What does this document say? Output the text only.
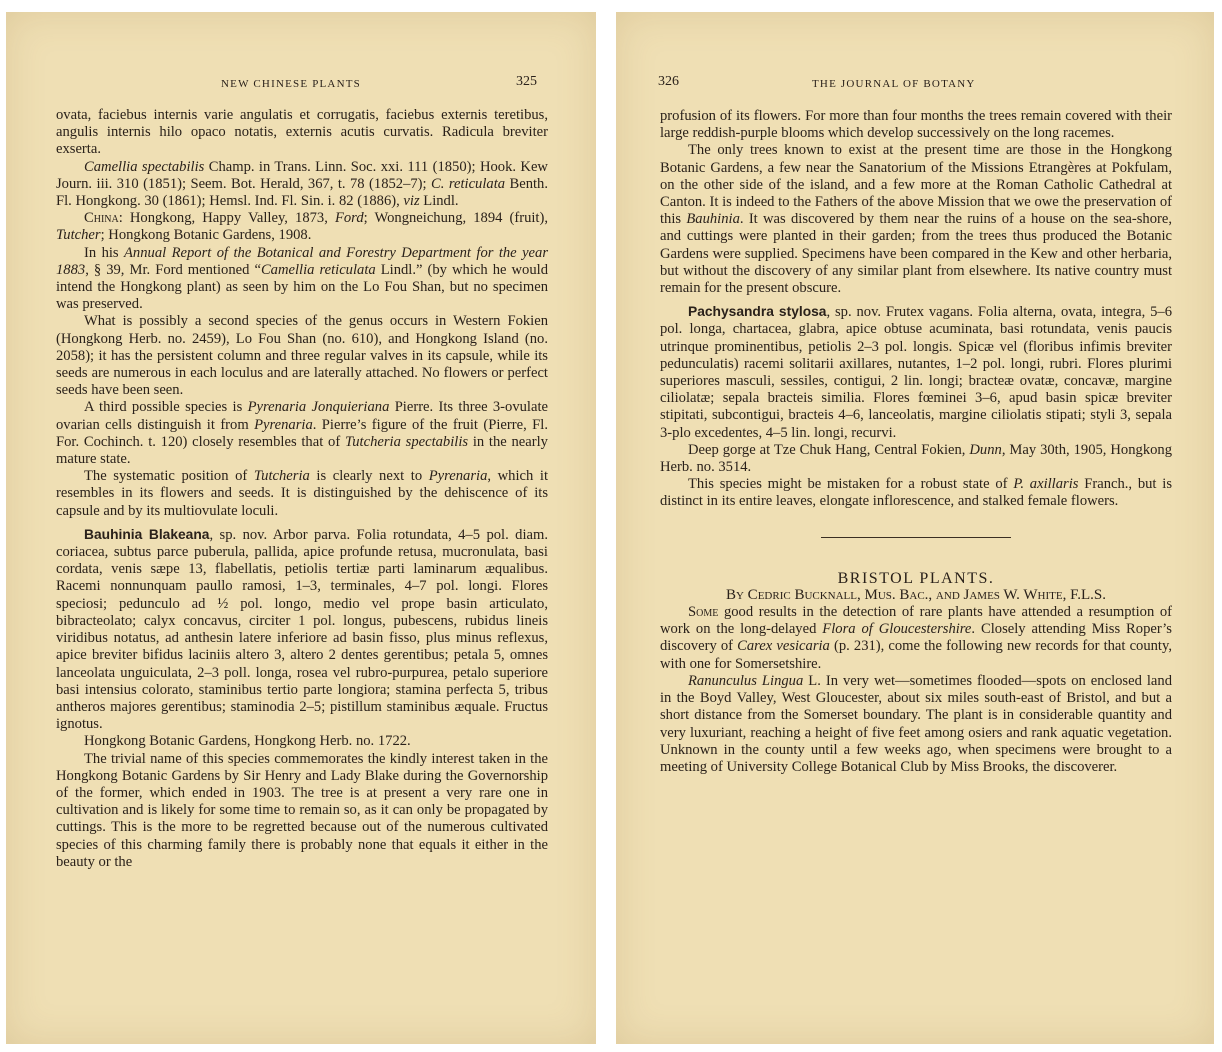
NEW CHINESE PLANTS	325

ovata, faciebus internis varie angulatis et corrugatis, faciebus externis teretibus, angulis internis hilo opaco notatis, externis acutis curvatis. Radicula breviter exserta.

Camellia spectabilis Champ. in Trans. Linn. Soc. xxi. 111 (1850); Hook. Kew Journ. iii. 310 (1851); Seem. Bot. Herald, 367, t. 78 (1852–7); C. reticulata Benth. Fl. Hongkong. 30 (1861); Hemsl. Ind. Fl. Sin. i. 82 (1886), viz Lindl.

China: Hongkong, Happy Valley, 1873, Ford; Wongneichung, 1894 (fruit), Tutcher; Hongkong Botanic Gardens, 1908.

In his Annual Report of the Botanical and Forestry Department for the year 1883, § 39, Mr. Ford mentioned “Camellia reticulata Lindl.” (by which he would intend the Hongkong plant) as seen by him on the Lo Fou Shan, but no specimen was preserved.

What is possibly a second species of the genus occurs in Western Fokien (Hongkong Herb. no. 2459), Lo Fou Shan (no. 610), and Hongkong Island (no. 2058); it has the persistent column and three regular valves in its capsule, while its seeds are numerous in each loculus and are laterally attached. No flowers or perfect seeds have been seen.

A third possible species is Pyrenaria Jonquieriana Pierre. Its three 3-ovulate ovarian cells distinguish it from Pyrenaria. Pierre’s figure of the fruit (Pierre, Fl. For. Cochinch. t. 120) closely resembles that of Tutcheria spectabilis in the nearly mature state.

The systematic position of Tutcheria is clearly next to Pyrenaria, which it resembles in its flowers and seeds. It is distinguished by the dehiscence of its capsule and by its multiovulate loculi.

Bauhinia Blakeana, sp. nov. Arbor parva. Folia rotundata, 4–5 pol. diam. coriacea, subtus parce puberula, pallida, apice profunde retusa, mucronulata, basi cordata, venis sæpe 13, flabellatis, petiolis tertiæ parti laminarum æqualibus. Racemi nonnunquam paullo ramosi, 1–3, terminales, 4–7 pol. longi. Flores speciosi; pedunculo ad ½ pol. longo, medio vel prope basin articulato, bibracteolato; calyx concavus, circiter 1 pol. longus, pubescens, rubidus lineis viridibus notatus, ad anthesin latere inferiore ad basin fisso, plus minus reflexus, apice breviter bifidus laciniis altero 3, altero 2 dentes gerentibus; petala 5, omnes lanceolata unguiculata, 2–3 poll. longa, rosea vel rubro-purpurea, petalo superiore basi intensius colorato, staminibus tertio parte longiora; stamina perfecta 5, tribus antheros majores gerentibus; staminodia 2–5; pistillum staminibus æquale. Fructus ignotus.

Hongkong Botanic Gardens, Hongkong Herb. no. 1722.

The trivial name of this species commemorates the kindly interest taken in the Hongkong Botanic Gardens by Sir Henry and Lady Blake during the Governorship of the former, which ended in 1903. The tree is at present a very rare one in cultivation and is likely for some time to remain so, as it can only be propagated by cuttings. This is the more to be regretted because out of the numerous cultivated species of this charming family there is probably none that equals it either in the beauty or the

326	THE JOURNAL OF BOTANY

profusion of its flowers. For more than four months the trees remain covered with their large reddish-purple blooms which develop successively on the long racemes.

The only trees known to exist at the present time are those in the Hongkong Botanic Gardens, a few near the Sanatorium of the Missions Etrangères at Pokfulam, on the other side of the island, and a few more at the Roman Catholic Cathedral at Canton. It is indeed to the Fathers of the above Mission that we owe the preservation of this Bauhinia. It was discovered by them near the ruins of a house on the sea-shore, and cuttings were planted in their garden; from the trees thus produced the Botanic Gardens were supplied. Specimens have been compared in the Kew and other herbaria, but without the discovery of any similar plant from elsewhere. Its native country must remain for the present obscure.

Pachysandra stylosa, sp. nov. Frutex vagans. Folia alterna, ovata, integra, 5–6 pol. longa, chartacea, glabra, apice obtuse acuminata, basi rotundata, venis paucis utrinque prominentibus, petiolis 2–3 pol. longis. Spicæ vel (floribus infimis breviter pedunculatis) racemi solitarii axillares, nutantes, 1–2 pol. longi, rubri. Flores plurimi superiores masculi, sessiles, contigui, 2 lin. longi; bracteæ ovatæ, concavæ, margine ciliolatæ; sepala bracteis similia. Flores fœminei 3–6, apud basin spicæ breviter stipitati, subcontigui, bracteis 4–6, lanceolatis, margine ciliolatis stipati; styli 3, sepala 3-plo excedentes, 4–5 lin. longi, recurvi.

Deep gorge at Tze Chuk Hang, Central Fokien, Dunn, May 30th, 1905, Hongkong Herb. no. 3514.

This species might be mistaken for a robust state of P. axillaris Franch., but is distinct in its entire leaves, elongate inflorescence, and stalked female flowers.

BRISTOL PLANTS.

By Cedric Bucknall, Mus. Bac., and James W. White, F.L.S.

Some good results in the detection of rare plants have attended a resumption of work on the long-delayed Flora of Gloucestershire. Closely attending Miss Roper’s discovery of Carex vesicaria (p. 231), come the following new records for that county, with one for Somersetshire.

Ranunculus Lingua L. In very wet—sometimes flooded—spots on enclosed land in the Boyd Valley, West Gloucester, about six miles south-east of Bristol, and but a short distance from the Somerset boundary. The plant is in considerable quantity and very luxuriant, reaching a height of five feet among osiers and rank aquatic vegetation. Unknown in the county until a few weeks ago, when specimens were brought to a meeting of University College Botanical Club by Miss Brooks, the discoverer.
